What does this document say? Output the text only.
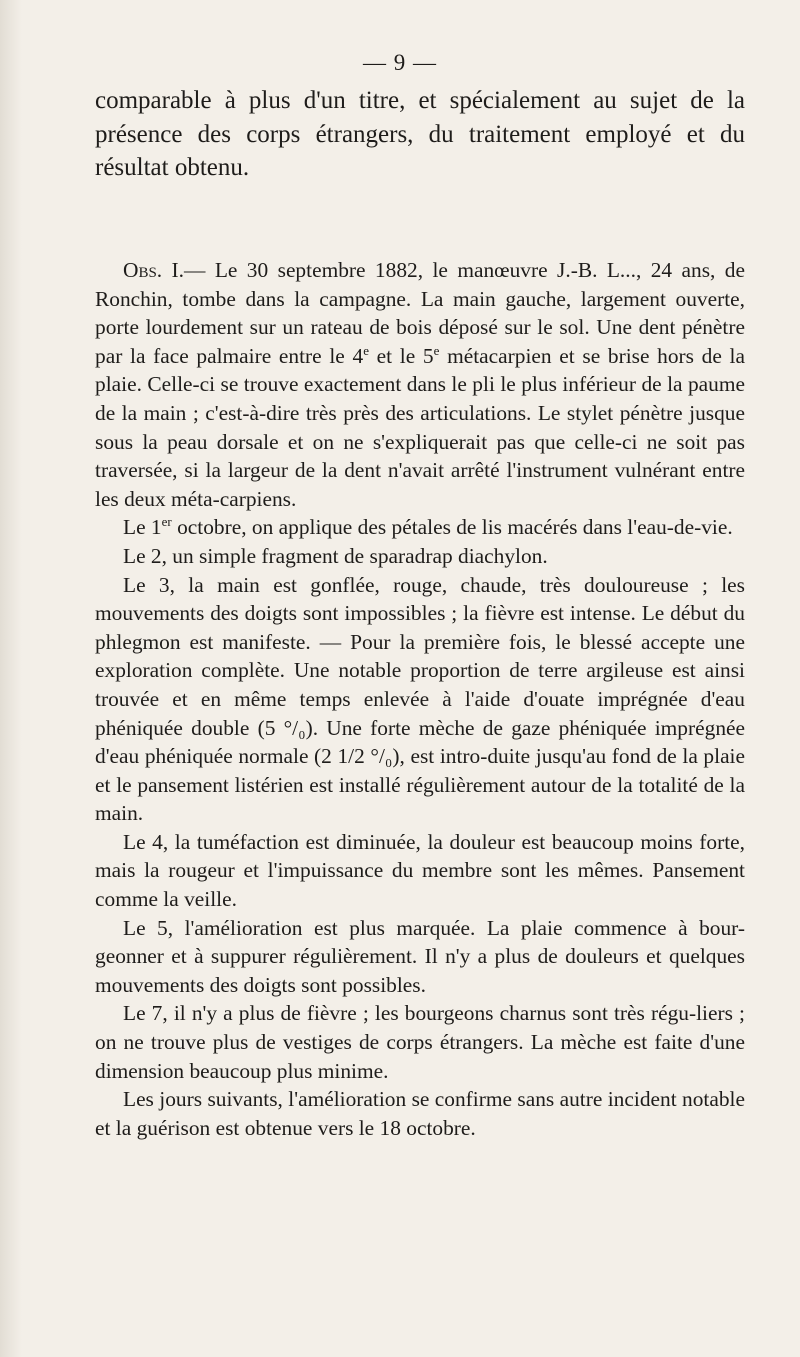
— 9 —

comparable à plus d'un titre, et spécialement au sujet de la présence des corps étrangers, du traitement employé et du résultat obtenu.

Obs. I.— Le 30 septembre 1882, le manœuvre J.-B. L..., 24 ans, de Ronchin, tombe dans la campagne. La main gauche, largement ouverte, porte lourdement sur un rateau de bois déposé sur le sol. Une dent pénètre par la face palmaire entre le 4e et le 5e métacarpien et se brise hors de la plaie. Celle-ci se trouve exactement dans le pli le plus inférieur de la paume de la main ; c'est-à-dire très près des articulations. Le stylet pénètre jusque sous la peau dorsale et on ne s'expliquerait pas que celle-ci ne soit pas traversée, si la largeur de la dent n'avait arrêté l'instrument vulnérant entre les deux méta-carpiens.

Le 1er octobre, on applique des pétales de lis macérés dans l'eau-de-vie.

Le 2, un simple fragment de sparadrap diachylon.

Le 3, la main est gonflée, rouge, chaude, très douloureuse ; les mouvements des doigts sont impossibles ; la fièvre est intense. Le début du phlegmon est manifeste. — Pour la première fois, le blessé accepte une exploration complète. Une notable proportion de terre argileuse est ainsi trouvée et en même temps enlevée à l'aide d'ouate imprégnée d'eau phéniquée double (5 °/₀). Une forte mèche de gaze phéniquée imprégnée d'eau phéniquée normale (2 1/2 °/₀), est intro-duite jusqu'au fond de la plaie et le pansement listérien est installé régulièrement autour de la totalité de la main.

Le 4, la tuméfaction est diminuée, la douleur est beaucoup moins forte, mais la rougeur et l'impuissance du membre sont les mêmes. Pansement comme la veille.

Le 5, l'amélioration est plus marquée. La plaie commence à bour-geonner et à suppurer régulièrement. Il n'y a plus de douleurs et quelques mouvements des doigts sont possibles.

Le 7, il n'y a plus de fièvre ; les bourgeons charnus sont très régu-liers ; on ne trouve plus de vestiges de corps étrangers. La mèche est faite d'une dimension beaucoup plus minime.

Les jours suivants, l'amélioration se confirme sans autre incident notable et la guérison est obtenue vers le 18 octobre.
